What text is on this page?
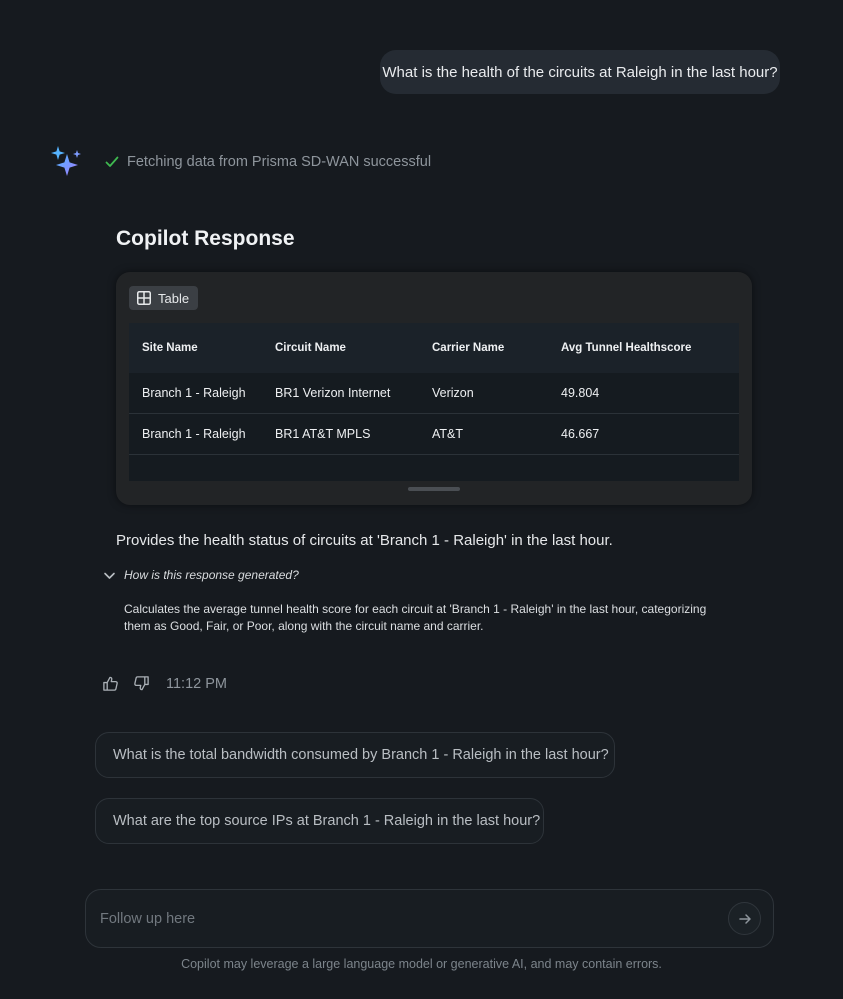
What is the health of the circuits at Raleigh in the last hour?
Fetching data from Prisma SD-WAN successful
Copilot Response
Table
Site Name	Circuit Name	Carrier Name	Avg Tunnel Healthscore
Branch 1 - Raleigh	BR1 Verizon Internet	Verizon	49.804
Branch 1 - Raleigh	BR1 AT&T MPLS	AT&T	46.667
Provides the health status of circuits at 'Branch 1 - Raleigh' in the last hour.
How is this response generated?
Calculates the average tunnel health score for each circuit at 'Branch 1 - Raleigh' in the last hour, categorizing them as Good, Fair, or Poor, along with the circuit name and carrier.
11:12 PM
What is the total bandwidth consumed by Branch 1 - Raleigh in the last hour?
What are the top source IPs at Branch 1 - Raleigh in the last hour?
Follow up here
Copilot may leverage a large language model or generative AI, and may contain errors.
